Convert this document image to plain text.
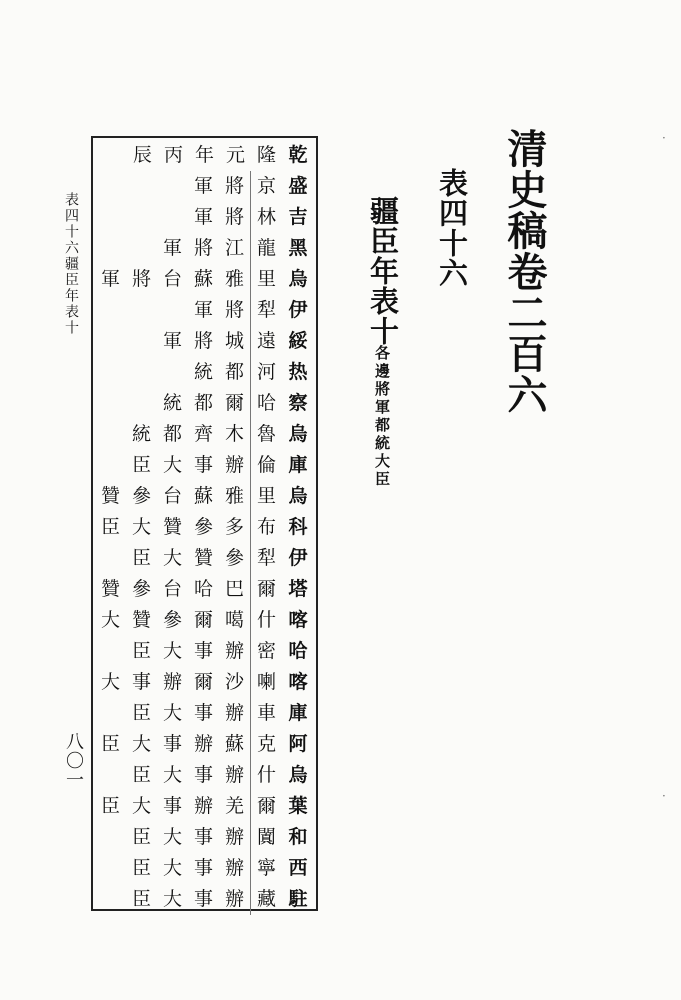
清史稿卷二百六
表四十六
疆臣年表十
各邊將軍都統大臣
表四十六疆臣年表十
八〇一
乾
隆
元
年
丙
辰
盛
京
將
軍
吉
林
將
軍
黑
龍
江
將
軍
烏
里
雅
蘇
台
將
軍
伊
犁
將
軍
綏
遠
城
將
軍
热
河
都
統
察
哈
爾
都
統
烏
魯
木
齊
都
統
庫
倫
辦
事
大
臣
烏
里
雅
蘇
台
參
贊
科
布
多
參
贊
大
臣
伊
犁
參
贊
大
臣
塔
爾
巴
哈
台
參
贊
喀
什
噶
爾
參
贊
大
哈
密
辦
事
大
臣
喀
喇
沙
爾
辦
事
大
庫
車
辦
事
大
臣
阿
克
蘇
辦
事
大
臣
烏
什
辦
事
大
臣
葉
爾
羌
辦
事
大
臣
和
闐
辦
事
大
臣
西
寧
辦
事
大
臣
駐
藏
辦
事
大
臣
·
·
